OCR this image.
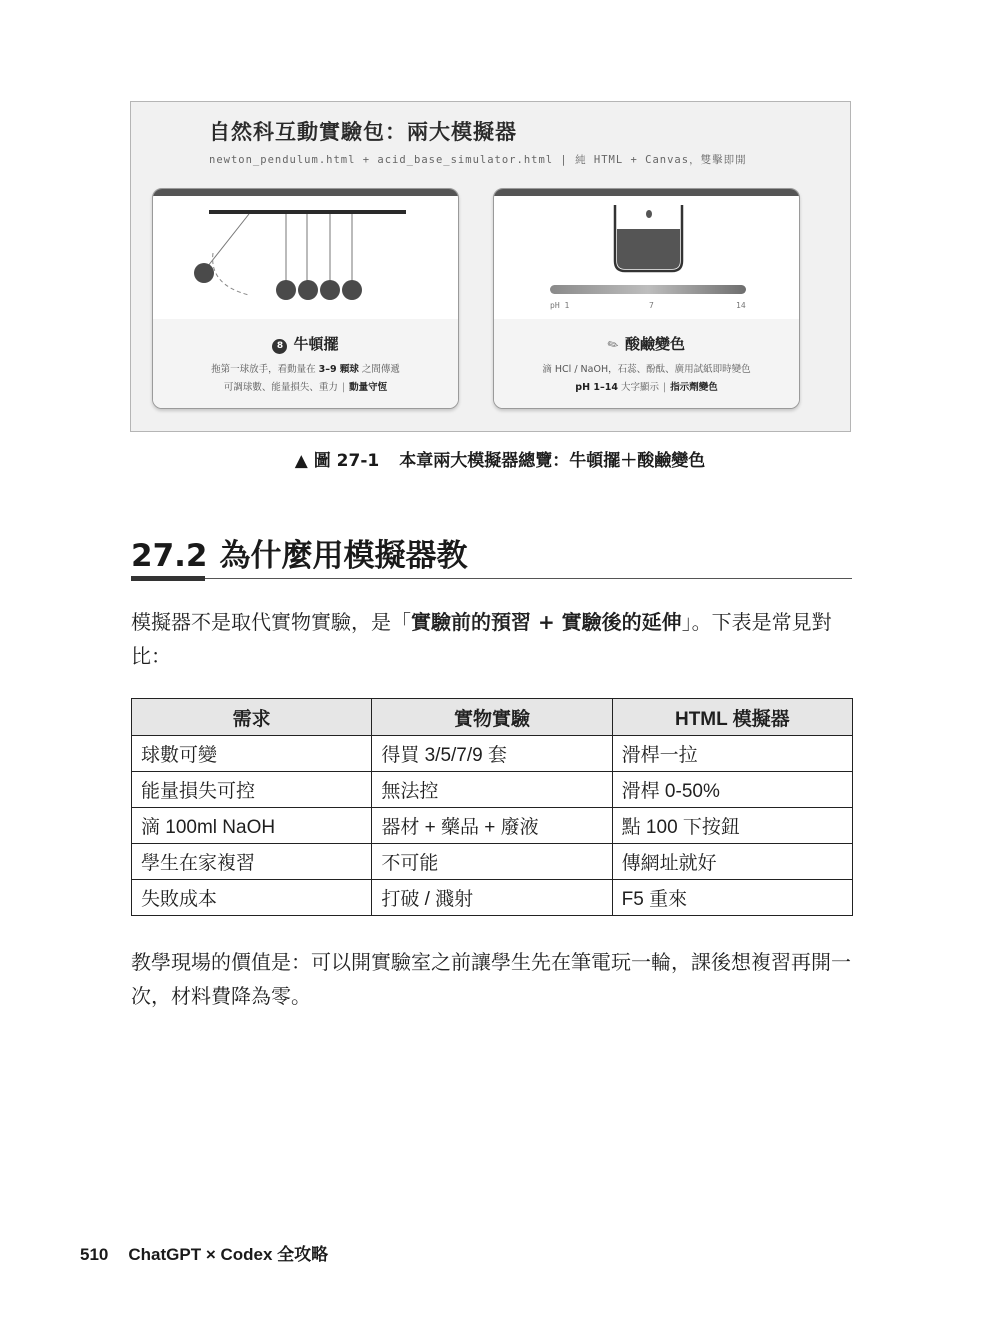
自然科互動實驗包：兩大模擬器
newton_pendulum.html + acid_base_simulator.html | 純 HTML + Canvas，雙擊即開
8 牛頓擺
拖第一球放手，看動量在 3–9 顆球 之間傳遞
可調球數、能量損失、重力 | 動量守恆
pH 1	7	14
✎ 酸鹼變色
滴 HCl / NaOH，石蕊、酚酞、廣用試紙即時變色
pH 1–14 大字顯示 | 指示劑變色
▲ 圖 27-1 本章兩大模擬器總覽：牛頓擺＋酸鹼變色
27.2 為什麼用模擬器教
模擬器不是取代實物實驗，是「實驗前的預習 + 實驗後的延伸」。下表是常見對比：
需求	實物實驗	HTML 模擬器
球數可變	得買 3/5/7/9 套	滑桿一拉
能量損失可控	無法控	滑桿 0-50%
滴 100ml NaOH	器材 + 藥品 + 廢液	點 100 下按鈕
學生在家複習	不可能	傳網址就好
失敗成本	打破 / 濺射	F5 重來
教學現場的價值是：可以開實驗室之前讓學生先在筆電玩一輪，課後想複習再開一次，材料費降為零。
510 ChatGPT × Codex 全攻略
